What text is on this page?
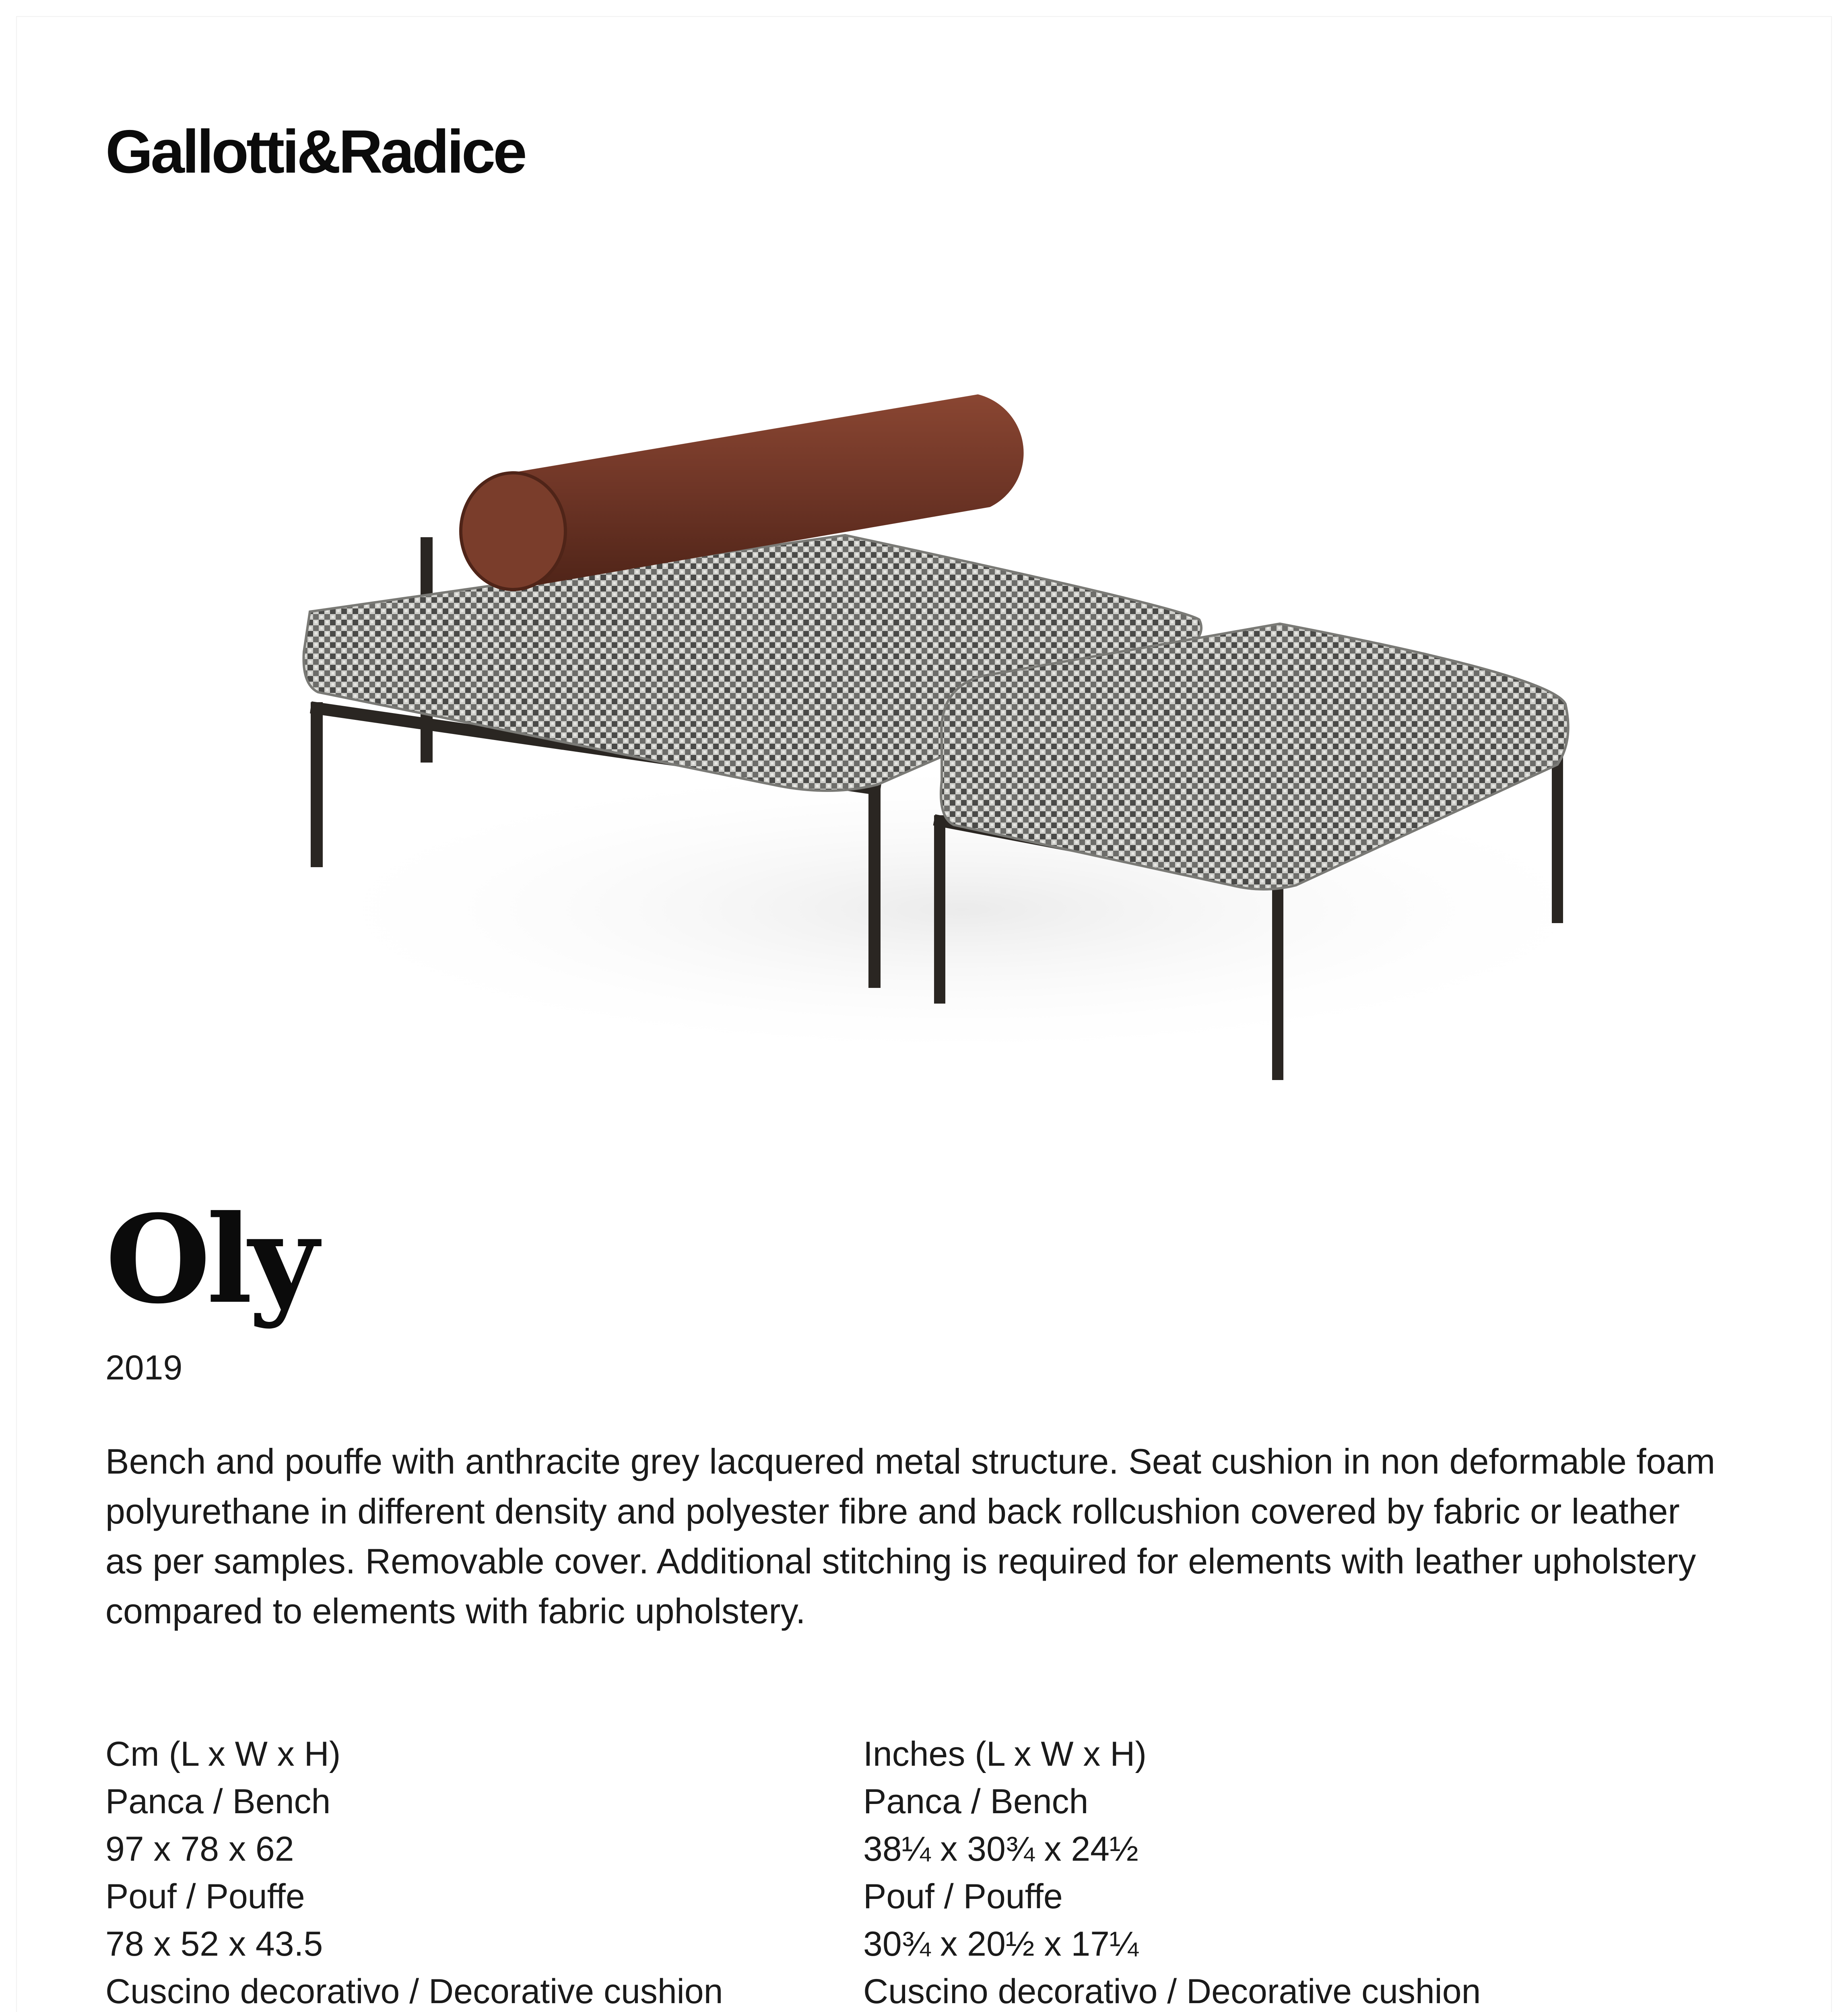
Gallotti&Radice
Oly
2019

Bench and pouffe with anthracite grey lacquered metal structure. Seat cushion in non deformable foam polyurethane in different density and polyester fibre and back rollcushion covered by fabric or leather as per samples. Removable cover. Additional stitching is required for elements with leather upholstery compared to elements with fabric upholstery.

Cm (L x W x H)
Panca / Bench
97 x 78 x 62
Pouf / Pouffe
78 x 52 x 43.5
Cuscino decorativo / Decorative cushion
Inches (L x W x H)
Panca / Bench
38¼ x 30¾ x 24½
Pouf / Pouffe
30¾ x 20½ x 17¼
Cuscino decorativo / Decorative cushion
